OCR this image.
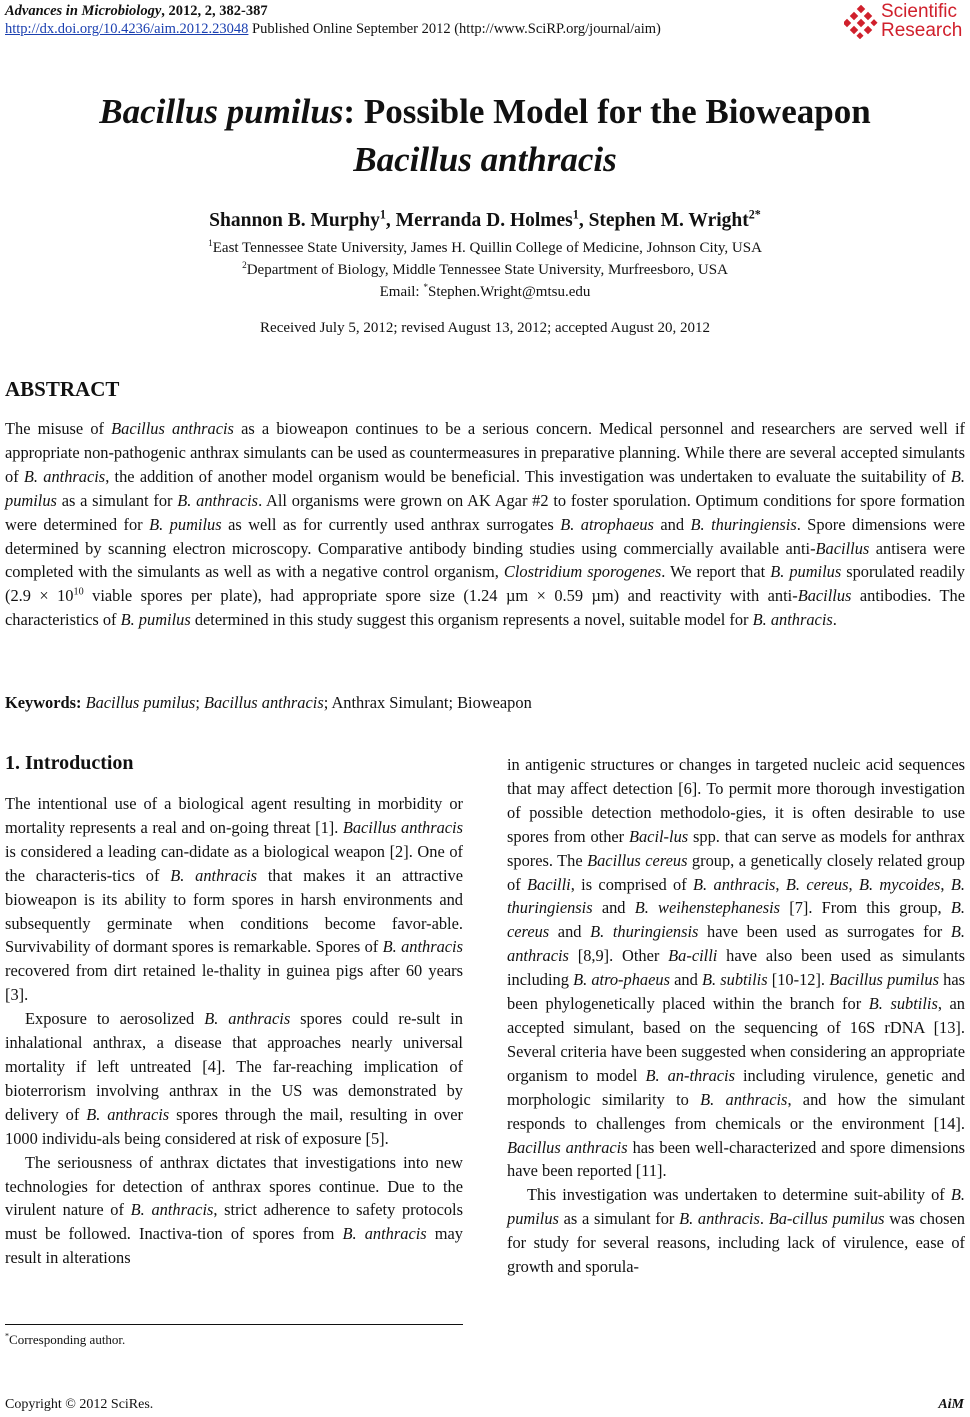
Advances in Microbiology, 2012, 2, 382-387
http://dx.doi.org/10.4236/aim.2012.23048 Published Online September 2012 (http://www.SciRP.org/journal/aim)
Scientific
Research
Bacillus pumilus: Possible Model for the Bioweapon
Bacillus anthracis
Shannon B. Murphy$^1$, Merranda D. Holmes$^1$, Stephen M. Wright$^{2*}$
$^1$East Tennessee State University, James H. Quillin College of Medicine, Johnson City, USA
$^2$Department of Biology, Middle Tennessee State University, Murfreesboro, USA
Email: *Stephen.Wright@mtsu.edu
Received July 5, 2012; revised August 13, 2012; accepted August 20, 2012
ABSTRACT
The misuse of Bacillus anthracis as a bioweapon continues to be a serious concern. Medical personnel and researchers are served well if appropriate non-pathogenic anthrax simulants can be used as countermeasures in preparative planning. While there are several accepted simulants of B. anthracis, the addition of another model organism would be beneficial. This investigation was undertaken to evaluate the suitability of B. pumilus as a simulant for B. anthracis. All organisms were grown on AK Agar #2 to foster sporulation. Optimum conditions for spore formation were determined for B. pumilus as well as for currently used anthrax surrogates B. atrophaeus and B. thuringiensis. Spore dimensions were determined by scanning electron microscopy. Comparative antibody binding studies using commercially available anti-Bacillus antisera were completed with the simulants as well as with a negative control organism, Clostridium sporogenes. We report that B. pumilus sporulated readily ($2.9 \times 10^{10}$ viable spores per plate), had appropriate spore size (1.24 µm × 0.59 µm) and reactivity with anti-Bacillus antibodies. The characteristics of B. pumilus determined in this study suggest this organism represents a novel, suitable model for B. anthracis.
Keywords: Bacillus pumilus; Bacillus anthracis; Anthrax Simulant; Bioweapon
1. Introduction

The intentional use of a biological agent resulting in morbidity or mortality represents a real and on-going threat [1]. Bacillus anthracis is considered a leading can-didate as a biological weapon [2]. One of the characteris-tics of B. anthracis that makes it an attractive bioweapon is its ability to form spores in harsh environments and subsequently germinate when conditions become favor-able. Survivability of dormant spores is remarkable. Spores of B. anthracis recovered from dirt retained le-thality in guinea pigs after 60 years [3].

Exposure to aerosolized B. anthracis spores could re-sult in inhalational anthrax, a disease that approaches nearly universal mortality if left untreated [4]. The far-reaching implication of bioterrorism involving anthrax in the US was demonstrated by delivery of B. anthracis spores through the mail, resulting in over 1000 individu-als being considered at risk of exposure [5].

The seriousness of anthrax dictates that investigations into new technologies for detection of anthrax spores continue. Due to the virulent nature of B. anthracis, strict adherence to safety protocols must be followed. Inactiva-tion of spores from B. anthracis may result in alterations

in antigenic structures or changes in targeted nucleic acid sequences that may affect detection [6]. To permit more thorough investigation of possible detection methodolo-gies, it is often desirable to use spores from other Bacil-lus spp. that can serve as models for anthrax spores. The Bacillus cereus group, a genetically closely related group of Bacilli, is comprised of B. anthracis, B. cereus, B. mycoides, B. thuringiensis and B. weihenstephanesis [7]. From this group, B. cereus and B. thuringiensis have been used as surrogates for B. anthracis [8,9]. Other Ba-cilli have also been used as simulants including B. atro-phaeus and B. subtilis [10-12]. Bacillus pumilus has been phylogenetically placed within the branch for B. subtilis, an accepted simulant, based on the sequencing of 16S rDNA [13]. Several criteria have been suggested when considering an appropriate organism to model B. an-thracis including virulence, genetic and morphologic similarity to B. anthracis, and how the simulant responds to challenges from chemicals or the environment [14]. Bacillus anthracis has been well-characterized and spore dimensions have been reported [11].

This investigation was undertaken to determine suit-ability of B. pumilus as a simulant for B. anthracis. Ba-cillus pumilus was chosen for study for several reasons, including lack of virulence, ease of growth and sporula-

*Corresponding author.
Copyright © 2012 SciRes.	AiM
